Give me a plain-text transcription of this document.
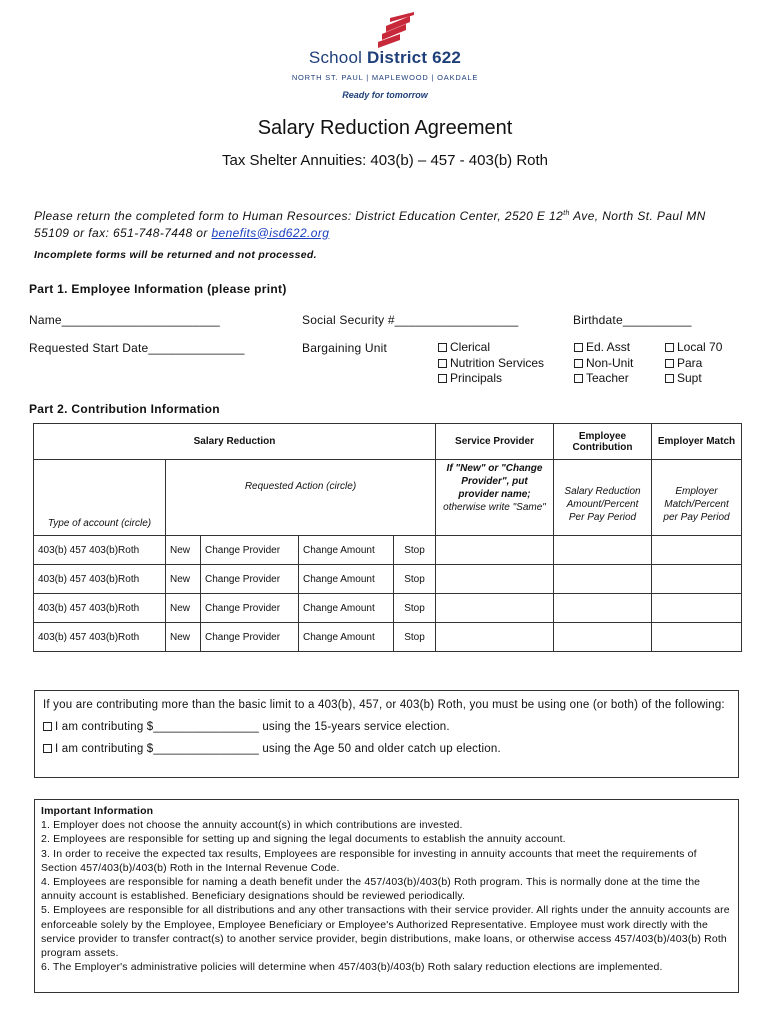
School District 622
NORTH ST. PAUL | MAPLEWOOD | OAKDALE
Ready for tomorrow
Salary Reduction Agreement
Tax Shelter Annuities: 403(b) – 457 - 403(b) Roth
Please return the completed form to Human Resources: District Education Center, 2520 E 12th Ave, North St. Paul MN 55109 or fax: 651-748-7448 or benefits@isd622.org
Incomplete forms will be returned and not processed.
Part 1. Employee Information (please print)
Name_______________________	Social Security #__________________	Birthdate__________
Requested Start Date______________	Bargaining Unit	Clerical
Nutrition Services
Principals
Ed. Asst
Non-Unit
Teacher
Local 70
Para
Supt
Part 2. Contribution Information
Salary Reduction					Service Provider	Employee Contribution	Employer Match
Type of account (circle)	Requested Action (circle)				If "New" or "Change Provider", put provider name; otherwise write "Same"	Salary Reduction Amount/Percent Per Pay Period	Employer Match/Percent per Pay Period
403(b) 457 403(b)Roth	New	Change Provider	Change Amount	Stop			
403(b) 457 403(b)Roth	New	Change Provider	Change Amount	Stop			
403(b) 457 403(b)Roth	New	Change Provider	Change Amount	Stop			
403(b) 457 403(b)Roth	New	Change Provider	Change Amount	Stop			
If you are contributing more than the basic limit to a 403(b), 457, or 403(b) Roth, you must be using one (or both) of the following:
I am contributing $________________ using the 15-years service election.
I am contributing $________________ using the Age 50 and older catch up election.
Important Information
1. Employer does not choose the annuity account(s) in which contributions are invested.
2. Employees are responsible for setting up and signing the legal documents to establish the annuity account.
3. In order to receive the expected tax results, Employees are responsible for investing in annuity accounts that meet the requirements of Section 457/403(b)/403(b) Roth in the Internal Revenue Code.
4. Employees are responsible for naming a death benefit under the 457/403(b)/403(b) Roth program. This is normally done at the time the annuity account is established. Beneficiary designations should be reviewed periodically.
5. Employees are responsible for all distributions and any other transactions with their service provider. All rights under the annuity accounts are enforceable solely by the Employee, Employee Beneficiary or Employee's Authorized Representative. Employee must work directly with the service provider to transfer contract(s) to another service provider, begin distributions, make loans, or otherwise access 457/403(b)/403(b) Roth program assets.
6. The Employer's administrative policies will determine when 457/403(b)/403(b) Roth salary reduction elections are implemented.
